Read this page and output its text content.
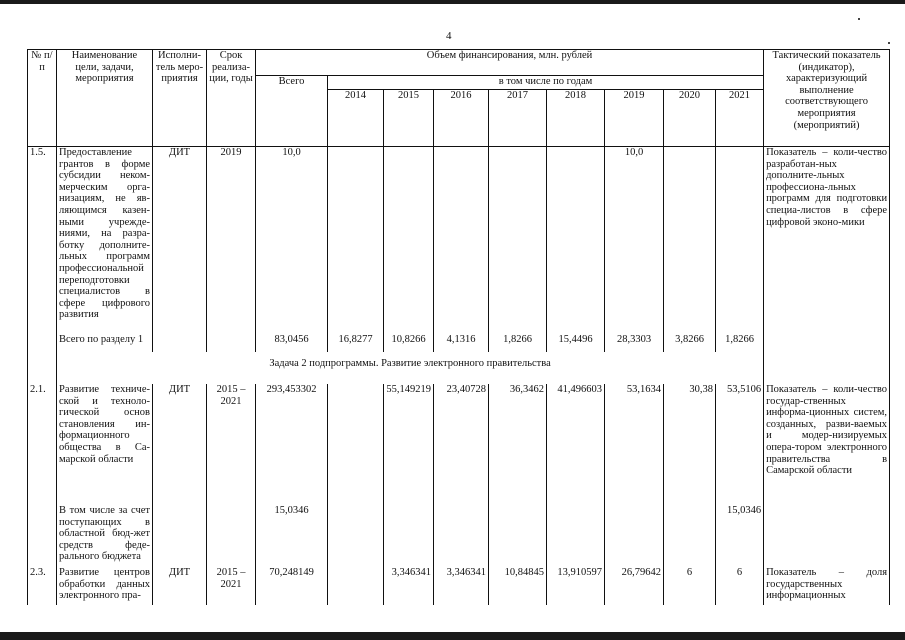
4
№ п/п	Наименование цели, задачи, мероприятия	Исполни-тель меро-приятия	Срок реализа-ции, годы	Объем финансирования, млн. рублей									Тактический показатель (индикатор), характеризующий выполнение соответствующего мероприятия (мероприятий)
				Всего	в том числе по годам								
					2014	2015	2016	2017	2018	2019	2020	2021	
1.5.	Предоставление грантов в форме субсидии неком-мерческим орга-низациям, не яв-ляющимся казен-ными учрежде-ниями, на разра-ботку дополните-льных программ профессиональной переподготовки специалистов в сфере цифрового развития	ДИТ	2019	10,0						10,0			Показатель – коли-чество разработан-ных дополните-льных профессиона-льных программ для подготовки специа-листов в сфере цифровой эконо-мики
	Всего по разделу 1			83,0456	16,8277	10,8266	4,1316	1,8266	15,4496	28,3303	3,8266	1,8266	
	Задача 2 подпрограммы. Развитие электронного правительства												
2.1.	Развитие техниче-ской и техноло-гической основ становления ин-формационного общества в Са-марской области	ДИТ	2015 – 2021	293,453302		55,149219	23,40728	36,3462	41,496603	53,1634	30,38	53,5106	Показатель – коли-чество государ-ственных информа-ционных систем, созданных, разви-ваемых и модер-низируемых опера-тором электронного правительства в Самарской области
	В том числе за счет поступающих в областной бюд-жет средств феде-рального бюджета			15,0346								15,0346	
2.3.	Развитие центров обработки данных электронного пра-	ДИТ	2015 – 2021	70,248149		3,346341	3,346341	10,84845	13,910597	26,79642	6	6	Показатель – доля государственных информационных
